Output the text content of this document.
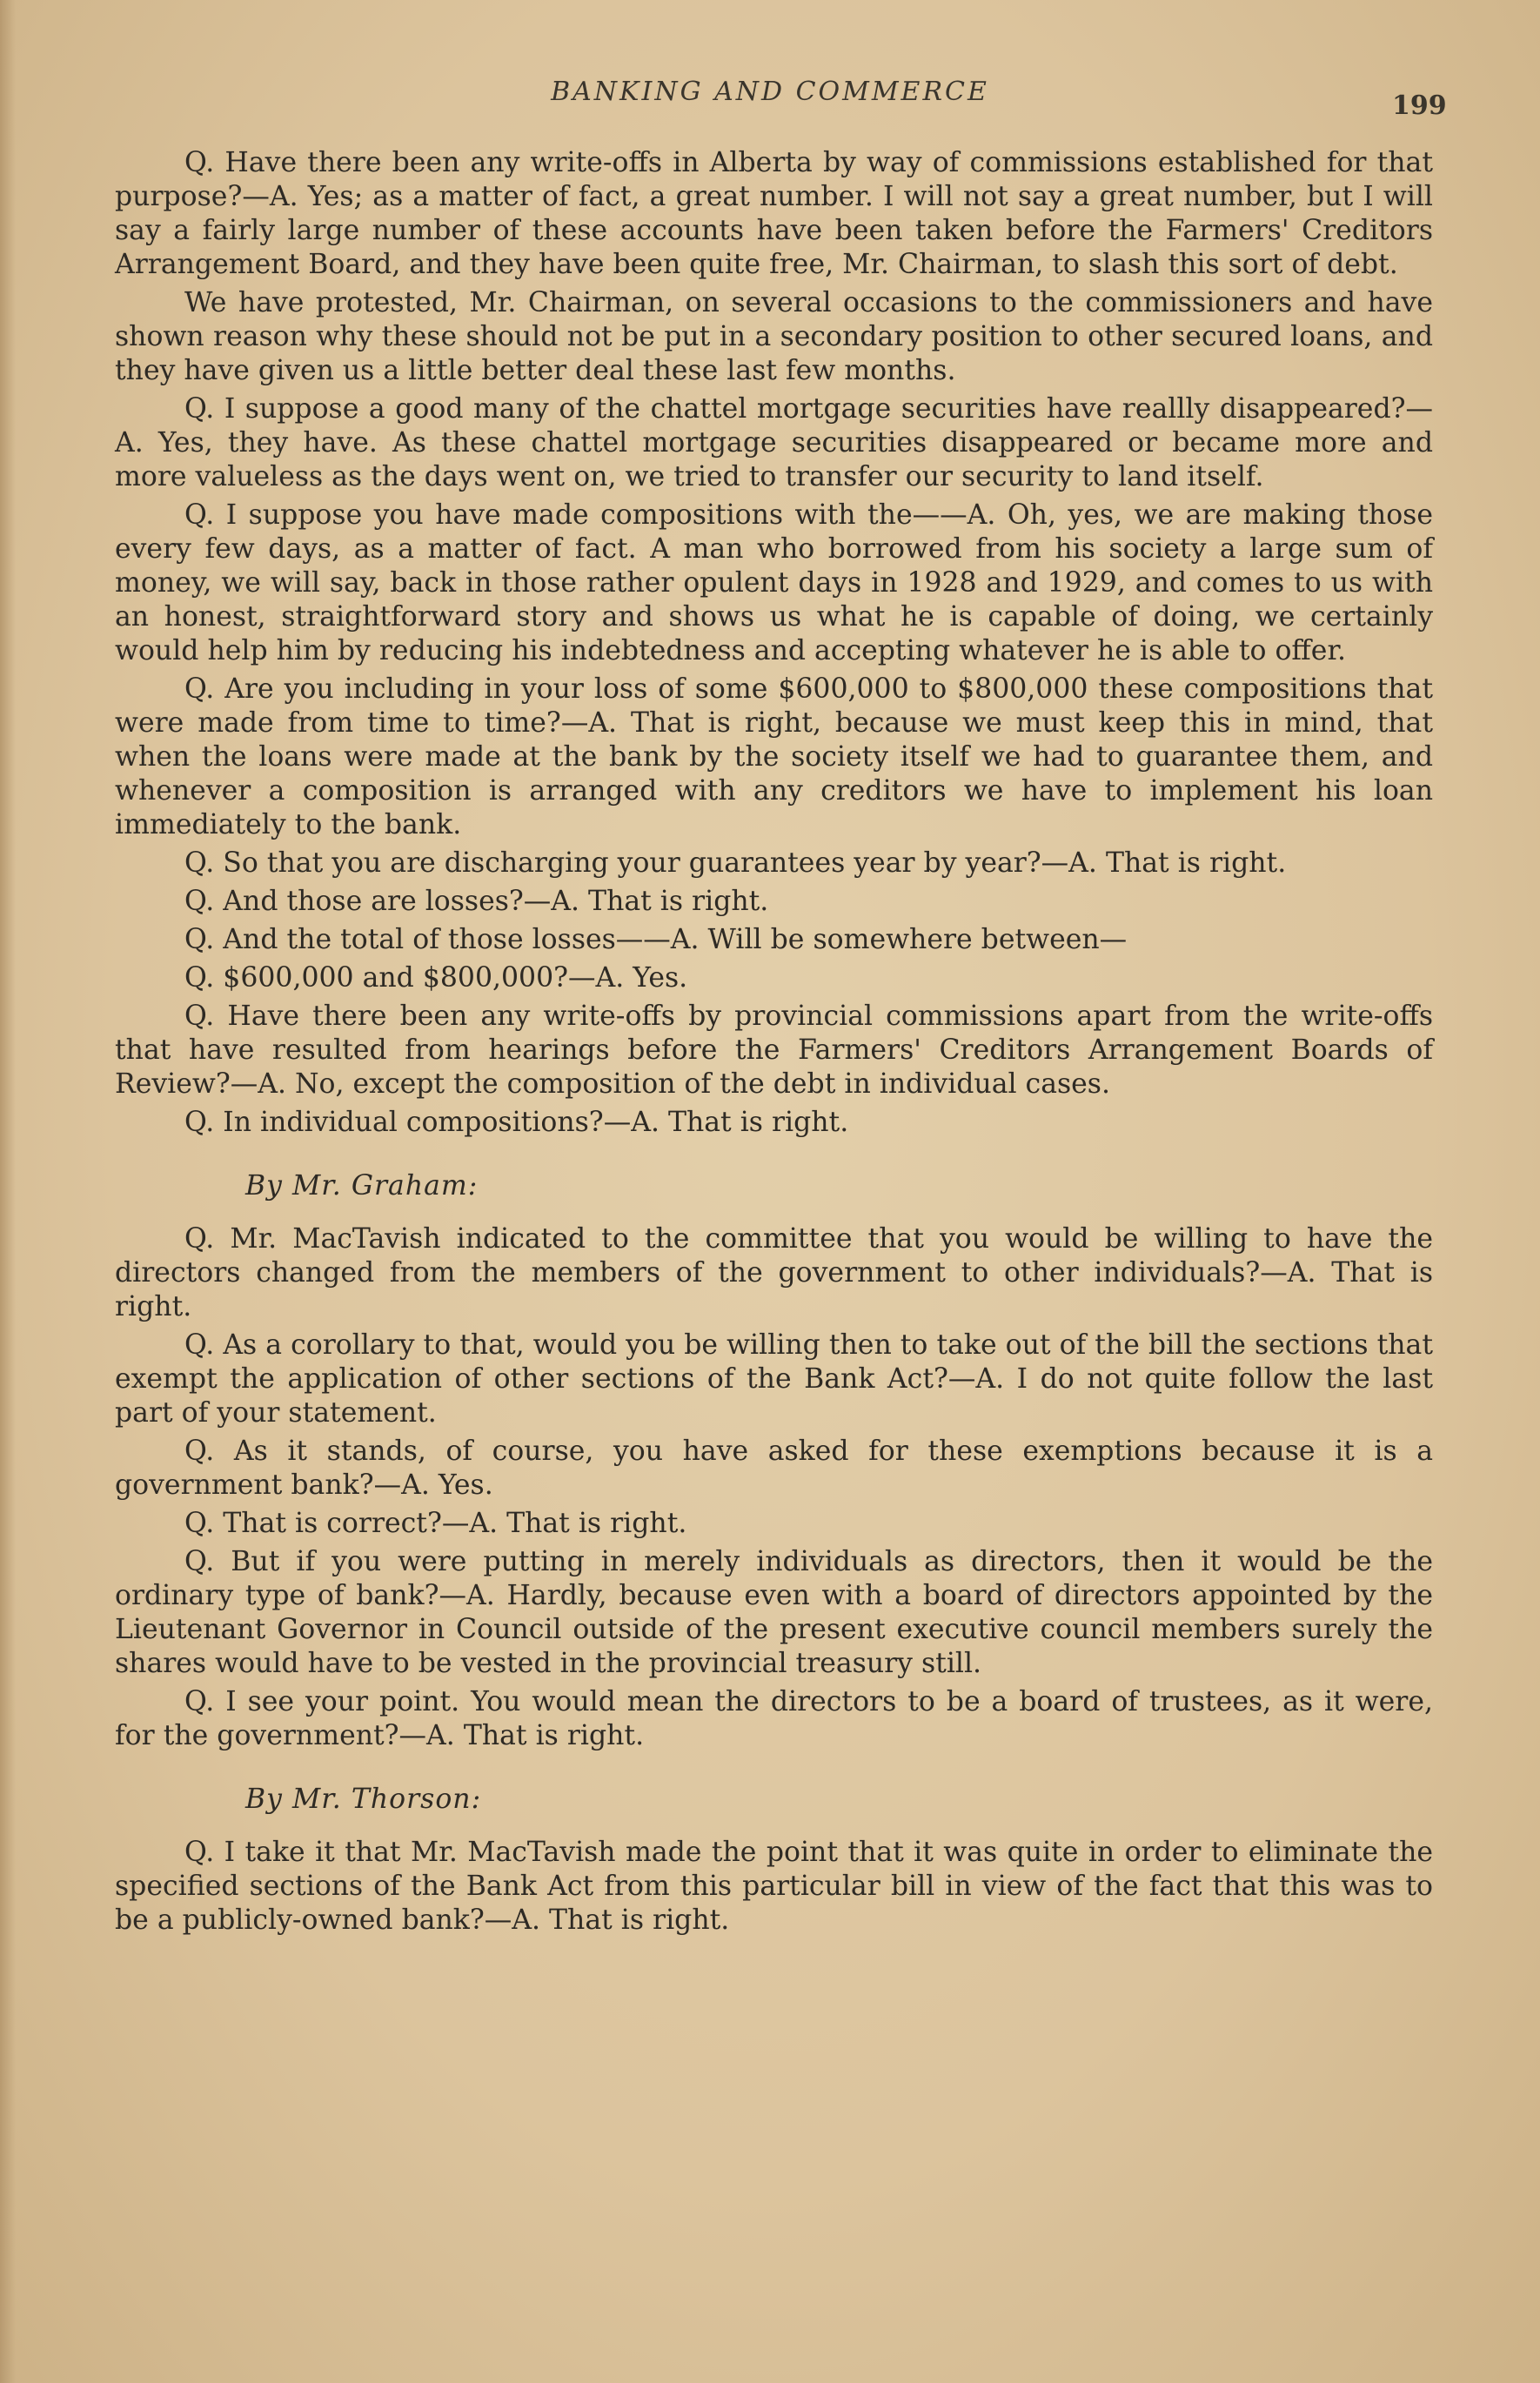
BANKING AND COMMERCE	199

Q. Have there been any write-offs in Alberta by way of commissions established for that purpose?—A. Yes; as a matter of fact, a great number. I will not say a great number, but I will say a fairly large number of these accounts have been taken before the Farmers' Creditors Arrangement Board, and they have been quite free, Mr. Chairman, to slash this sort of debt.

We have protested, Mr. Chairman, on several occasions to the commissioners and have shown reason why these should not be put in a secondary position to other secured loans, and they have given us a little better deal these last few months.

Q. I suppose a good many of the chattel mortgage securities have reallly disappeared?—A. Yes, they have. As these chattel mortgage securities disappeared or became more and more valueless as the days went on, we tried to transfer our security to land itself.

Q. I suppose you have made compositions with the——A. Oh, yes, we are making those every few days, as a matter of fact. A man who borrowed from his society a large sum of money, we will say, back in those rather opulent days in 1928 and 1929, and comes to us with an honest, straightforward story and shows us what he is capable of doing, we certainly would help him by reducing his indebtedness and accepting whatever he is able to offer.

Q. Are you including in your loss of some $600,000 to $800,000 these compositions that were made from time to time?—A. That is right, because we must keep this in mind, that when the loans were made at the bank by the society itself we had to guarantee them, and whenever a composition is arranged with any creditors we have to implement his loan immediately to the bank.

Q. So that you are discharging your guarantees year by year?—A. That is right.

Q. And those are losses?—A. That is right.

Q. And the total of those losses——A. Will be somewhere between—

Q. $600,000 and $800,000?—A. Yes.

Q. Have there been any write-offs by provincial commissions apart from the write-offs that have resulted from hearings before the Farmers' Creditors Arrangement Boards of Review?—A. No, except the composition of the debt in individual cases.

Q. In individual compositions?—A. That is right.

By Mr. Graham:

Q. Mr. MacTavish indicated to the committee that you would be willing to have the directors changed from the members of the government to other individuals?—A. That is right.

Q. As a corollary to that, would you be willing then to take out of the bill the sections that exempt the application of other sections of the Bank Act?—A. I do not quite follow the last part of your statement.

Q. As it stands, of course, you have asked for these exemptions because it is a government bank?—A. Yes.

Q. That is correct?—A. That is right.

Q. But if you were putting in merely individuals as directors, then it would be the ordinary type of bank?—A. Hardly, because even with a board of directors appointed by the Lieutenant Governor in Council outside of the present executive council members surely the shares would have to be vested in the provincial treasury still.

Q. I see your point. You would mean the directors to be a board of trustees, as it were, for the government?—A. That is right.

By Mr. Thorson:

Q. I take it that Mr. MacTavish made the point that it was quite in order to eliminate the specified sections of the Bank Act from this particular bill in view of the fact that this was to be a publicly-owned bank?—A. That is right.
